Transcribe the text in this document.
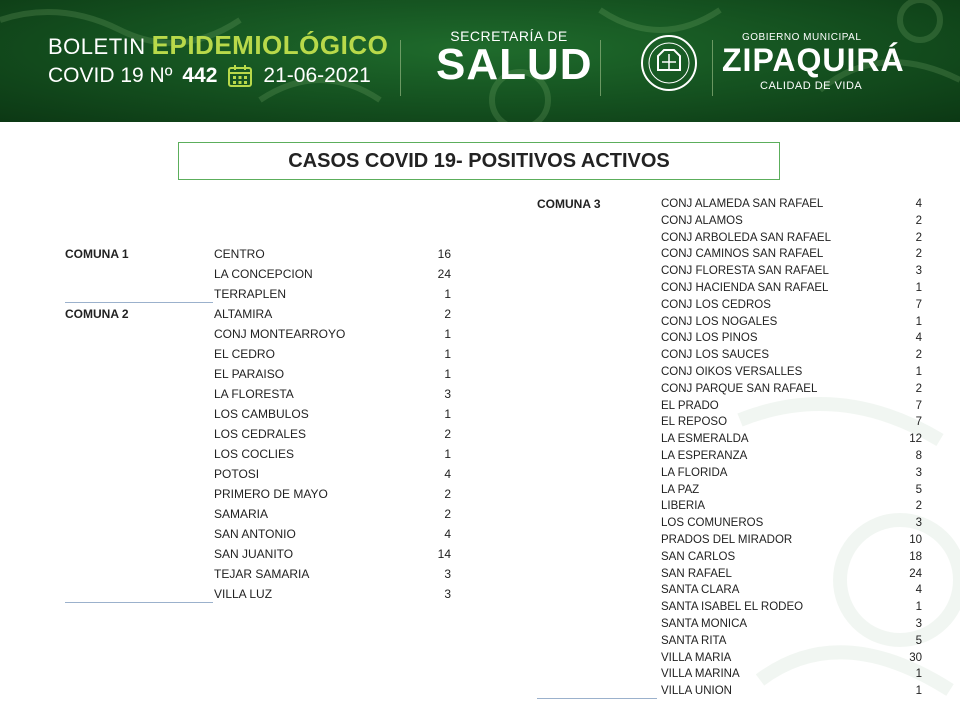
BOLETIN EPIDEMIOLÓGICO
COVID 19 Nº 442 21-06-2021
SECRETARÍA DE
SALUD
GOBIERNO MUNICIPAL
ZIPAQUIRÁ
CALIDAD DE VIDA
CASOS COVID 19- POSITIVOS ACTIVOS
COMUNA 1	CENTRO	16
LA CONCEPCION	24
TERRAPLEN	1
COMUNA 2	ALTAMIRA	2
CONJ MONTEARROYO	1
EL CEDRO	1
EL PARAISO	1
LA FLORESTA	3
LOS CAMBULOS	1
LOS CEDRALES	2
LOS COCLIES	1
POTOSI	4
PRIMERO DE MAYO	2
SAMARIA	2
SAN ANTONIO	4
SAN JUANITO	14
TEJAR SAMARIA	3
VILLA LUZ	3
COMUNA 3	CONJ ALAMEDA SAN RAFAEL	4
CONJ ALAMOS	2
CONJ ARBOLEDA SAN RAFAEL	2
CONJ CAMINOS SAN RAFAEL	2
CONJ FLORESTA SAN RAFAEL	3
CONJ HACIENDA SAN RAFAEL	1
CONJ LOS CEDROS	7
CONJ LOS NOGALES	1
CONJ LOS PINOS	4
CONJ LOS SAUCES	2
CONJ OIKOS VERSALLES	1
CONJ PARQUE SAN RAFAEL	2
EL PRADO	7
EL REPOSO	7
LA ESMERALDA	12
LA ESPERANZA	8
LA FLORIDA	3
LA PAZ	5
LIBERIA	2
LOS COMUNEROS	3
PRADOS DEL MIRADOR	10
SAN CARLOS	18
SAN RAFAEL	24
SANTA CLARA	4
SANTA ISABEL EL RODEO	1
SANTA MONICA	3
SANTA RITA	5
VILLA MARIA	30
VILLA MARINA	1
VILLA UNION	1
